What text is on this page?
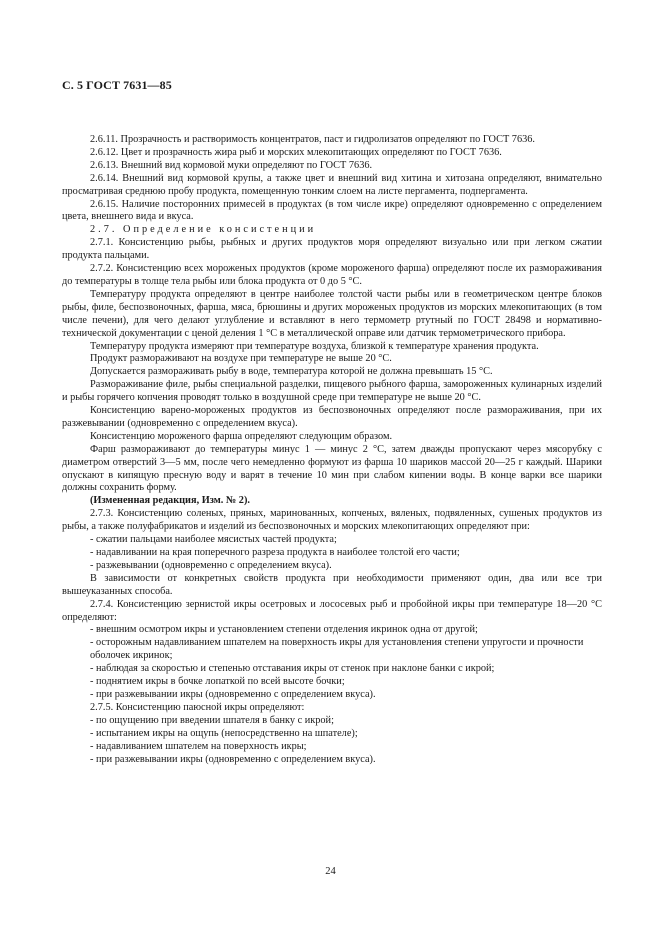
С. 5 ГОСТ 7631—85

2.6.11. Прозрачность и растворимость концентратов, паст и гидролизатов определяют по ГОСТ 7636.

2.6.12. Цвет и прозрачность жира рыб и морских млекопитающих определяют по ГОСТ 7636.

2.6.13. Внешний вид кормовой муки определяют по ГОСТ 7636.

2.6.14. Внешний вид кормовой крупы, а также цвет и внешний вид хитина и хитозана определяют, внимательно просматривая среднюю пробу продукта, помещенную тонким слоем на листе пергамента, подпергамента.

2.6.15. Наличие посторонних примесей в продуктах (в том числе икре) определяют одновременно с определением цвета, внешнего вида и вкуса.

2.7. Определение консистенции

2.7.1. Консистенцию рыбы, рыбных и других продуктов моря определяют визуально или при легком сжатии продукта пальцами.

2.7.2. Консистенцию всех мороженых продуктов (кроме мороженого фарша) определяют после их размораживания до температуры в толще тела рыбы или блока продукта от 0 до 5 °С.

Температуру продукта определяют в центре наиболее толстой части рыбы или в геометрическом центре блоков рыбы, филе, беспозвоночных, фарша, мяса, брюшины и других мороженых продуктов из морских млекопитающих (в том числе печени), для чего делают углубление и вставляют в него термометр ртутный по ГОСТ 28498 и нормативно-технической документации с ценой деления 1 °С в металлической оправе или датчик термометрического прибора.

Температуру продукта измеряют при температуре воздуха, близкой к температуре хранения продукта.

Продукт размораживают на воздухе при температуре не выше 20 °С.

Допускается размораживать рыбу в воде, температура которой не должна превышать 15 °С.

Размораживание филе, рыбы специальной разделки, пищевого рыбного фарша, замороженных кулинарных изделий и рыбы горячего копчения проводят только в воздушной среде при температуре не выше 20 °С.

Консистенцию варено-мороженых продуктов из беспозвоночных определяют после размораживания, при их разжевывании (одновременно с определением вкуса).

Консистенцию мороженого фарша определяют следующим образом.

Фарш размораживают до температуры минус 1 — минус 2 °С, затем дважды пропускают через мясорубку с диаметром отверстий 3—5 мм, после чего немедленно формуют из фарша 10 шариков массой 20—25 г каждый. Шарики опускают в кипящую пресную воду и варят в течение 10 мин при слабом кипении воды. В конце варки все шарики должны сохранить форму.

(Измененная редакция, Изм. № 2).

2.7.3. Консистенцию соленых, пряных, маринованных, копченых, вяленых, подвяленных, сушеных продуктов из рыбы, а также полуфабрикатов и изделий из беспозвоночных и морских млекопитающих определяют при:

- сжатии пальцами наиболее мясистых частей продукта;

- надавливании на края поперечного разреза продукта в наиболее толстой его части;

- разжевывании (одновременно с определением вкуса).

В зависимости от конкретных свойств продукта при необходимости применяют один, два или все три вышеуказанных способа.

2.7.4. Консистенцию зернистой икры осетровых и лососевых рыб и пробойной икры при температуре 18—20 °С определяют:

- внешним осмотром икры и установлением степени отделения икринок одна от другой;

- осторожным надавливанием шпателем на поверхность икры для установления степени упругости и прочности оболочек икринок;

- наблюдая за скоростью и степенью отставания икры от стенок при наклоне банки с икрой;

- поднятием икры в бочке лопаткой по всей высоте бочки;

- при разжевывании икры (одновременно с определением вкуса).

2.7.5. Консистенцию паюсной икры определяют:

- по ощущению при введении шпателя в банку с икрой;

- испытанием икры на ощупь (непосредственно на шпателе);

- надавливанием шпателем на поверхность икры;

- при разжевывании икры (одновременно с определением вкуса).

24
